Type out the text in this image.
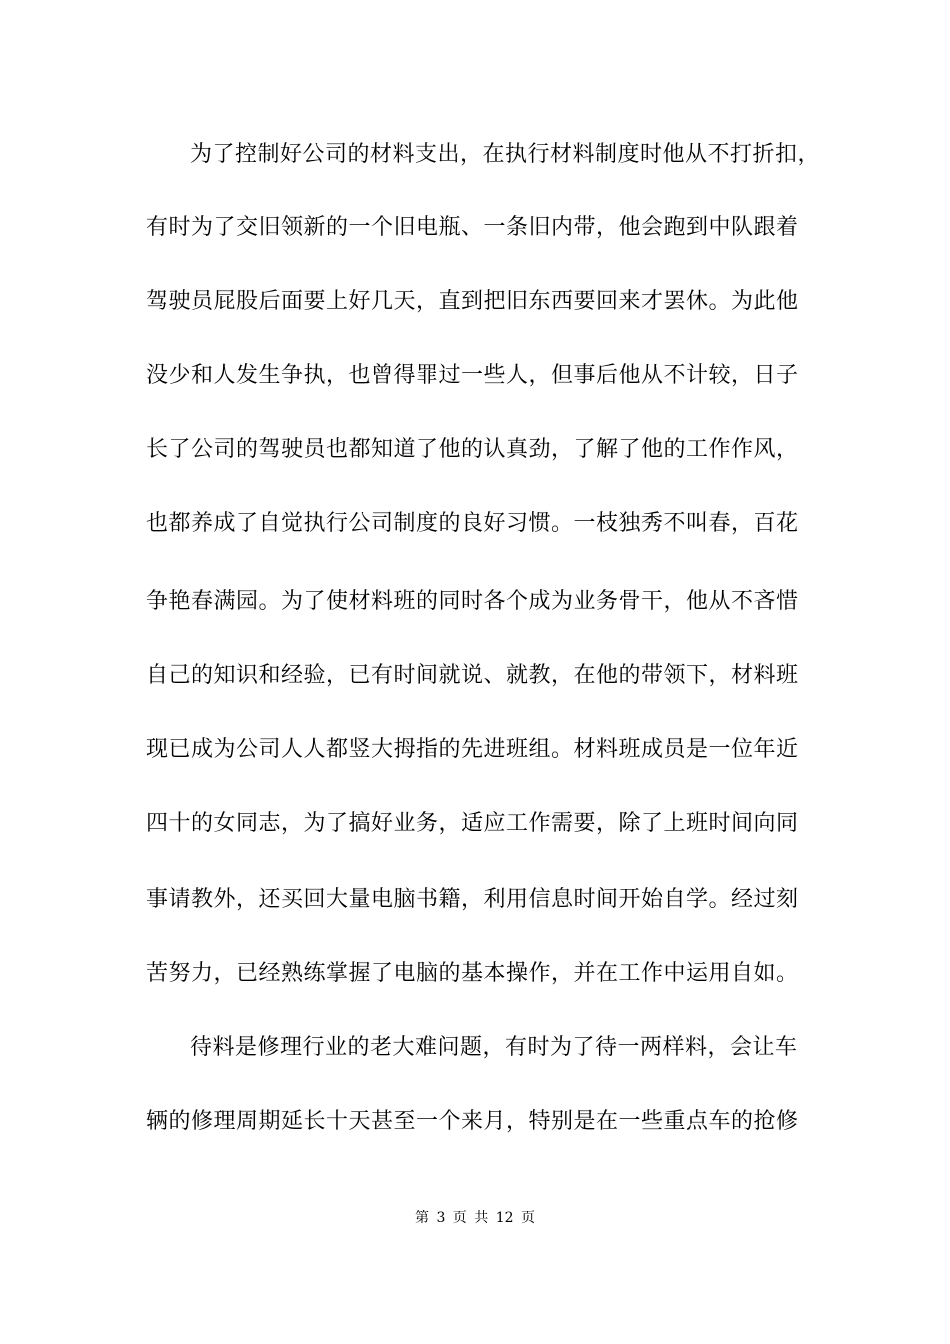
为了控制好公司的材料支出，在执行材料制度时他从不打折扣，
有时为了交旧领新的一个旧电瓶、一条旧内带，他会跑到中队跟着
驾驶员屁股后面要上好几天，直到把旧东西要回来才罢休。为此他
没少和人发生争执，也曾得罪过一些人，但事后他从不计较，日子
长了公司的驾驶员也都知道了他的认真劲，了解了他的工作作风，
也都养成了自觉执行公司制度的良好习惯。一枝独秀不叫春，百花
争艳春满园。为了使材料班的同时各个成为业务骨干，他从不吝惜
自己的知识和经验，已有时间就说、就教，在他的带领下，材料班
现已成为公司人人都竖大拇指的先进班组。材料班成员是一位年近
四十的女同志，为了搞好业务，适应工作需要，除了上班时间向同
事请教外，还买回大量电脑书籍，利用信息时间开始自学。经过刻
苦努力，已经熟练掌握了电脑的基本操作，并在工作中运用自如。
待料是修理行业的老大难问题，有时为了待一两样料，会让车
辆的修理周期延长十天甚至一个来月，特别是在一些重点车的抢修
第 3 页 共 12 页
